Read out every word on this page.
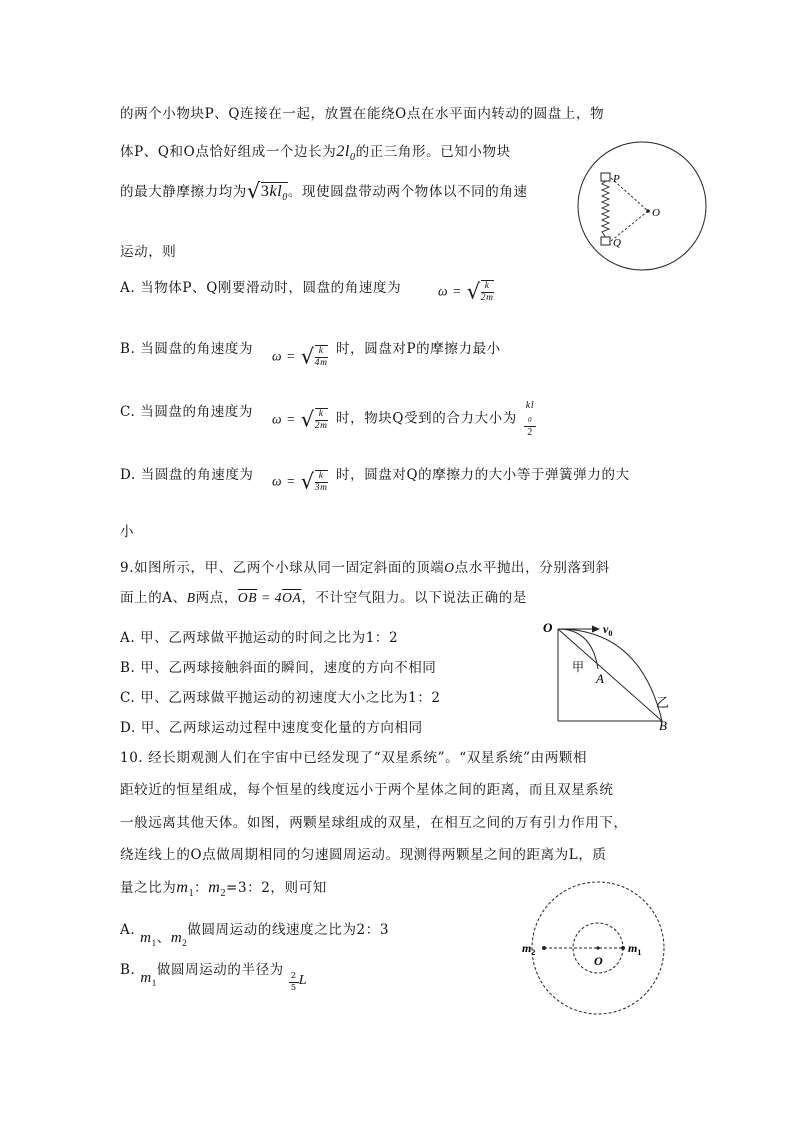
的两个小物块P、Q连接在一起，放置在能绕O点在水平面内转动的圆盘上，物
体P、Q和O点恰好组成一个边长为$2l_0$的正三角形。已知小物块
的最大静摩擦力均为$√3kl_0$。现使圆盘带动两个物体以不同的角速
运动，则
A. 当物体P、Q刚要滑动时，圆盘的角速度为	ω = √ $\frac{k}{2m}$
B. 当圆盘的角速度为 ω = √ $\frac{k}{4m}$ 时，圆盘对P的摩擦力最小
C. 当圆盘的角速度为 ω = √ $\frac{k}{2m}$ 时，物块Q受到的合力大小为 kl
$_0$
2
D. 当圆盘的角速度为 ω = √ $\frac{k}{3m}$ 时，圆盘对Q的摩擦力的大小等于弹簧弹力的大
小
P
Q
O
9.如图所示，甲、乙两个小球从同一固定斜面的顶端O点水平抛出，分别落到斜
面上的A、B两点，$\overline{OB} = 4\overline{OA}$，不计空气阻力。以下说法正确的是
A. 甲、乙两球做平抛运动的时间之比为1：2
B. 甲、乙两球接触斜面的瞬间，速度的方向不相同
C. 甲、乙两球做平抛运动的初速度大小之比为1：2
D. 甲、乙两球运动过程中速度变化量的方向相同
O	$v_0$
甲
A
乙
B
10. 经长期观测人们在宇宙中已经发现了“双星系统”。“双星系统”由两颗相
距较近的恒星组成，每个恒星的线度远小于两个星体之间的距离，而且双星系统
一般远离其他天体。如图，两颗星球组成的双星，在相互之间的万有引力作用下，
绕连线上的O点做周期相同的匀速圆周运动。现测得两颗星之间的距离为L，质
量之比为$m_1$：$m_2=3$：2，则可知
A. $m_1$、$m_2$做圆周运动的线速度之比为2：3
B. $m_1$做圆周运动的半径为
$\frac{2}{5}$ L
$m_2$	$m_1$
O
